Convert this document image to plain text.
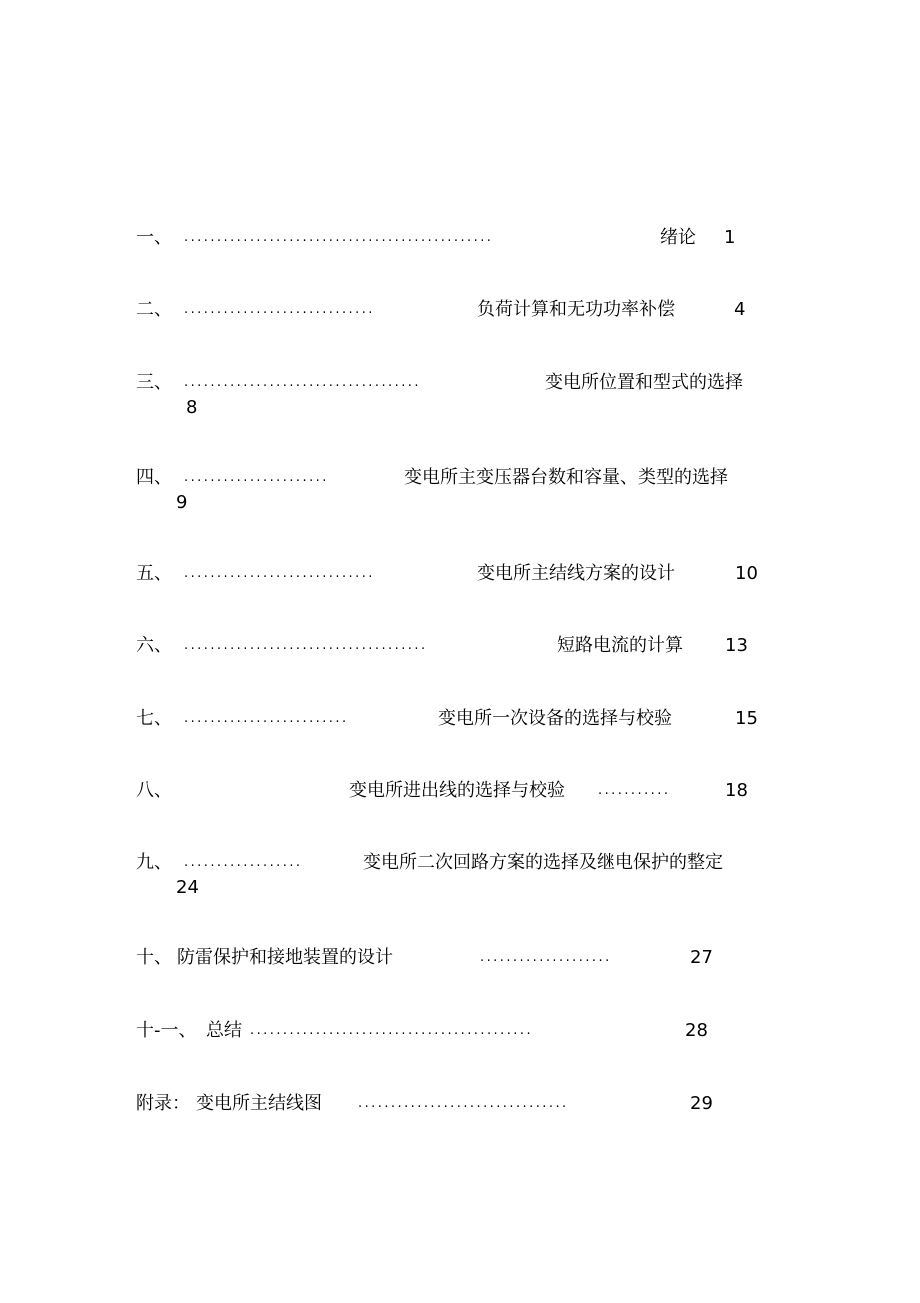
一、 ...............................................	绪论 1
二、 .............................	负荷计算和无功功率补偿	4
三、 ....................................	变电所位置和型式的选择
8
四、 ......................	变电所主变压器台数和容量、类型的选择
9
五、 .............................	变电所主结线方案的设计	10
六、 .....................................	短路电流的计算 13
七、 .........................	变电所一次设备的选择与校验	15
八、	变电所进出线的选择与校验	...........	18
九、 ..................	变电所二次回路方案的选择及继电保护的整定
24
十、 防雷保护和接地装置的设计	....................	27
十-一、 总结 ...........................................	28
附录： 变电所主结线图	................................	29
